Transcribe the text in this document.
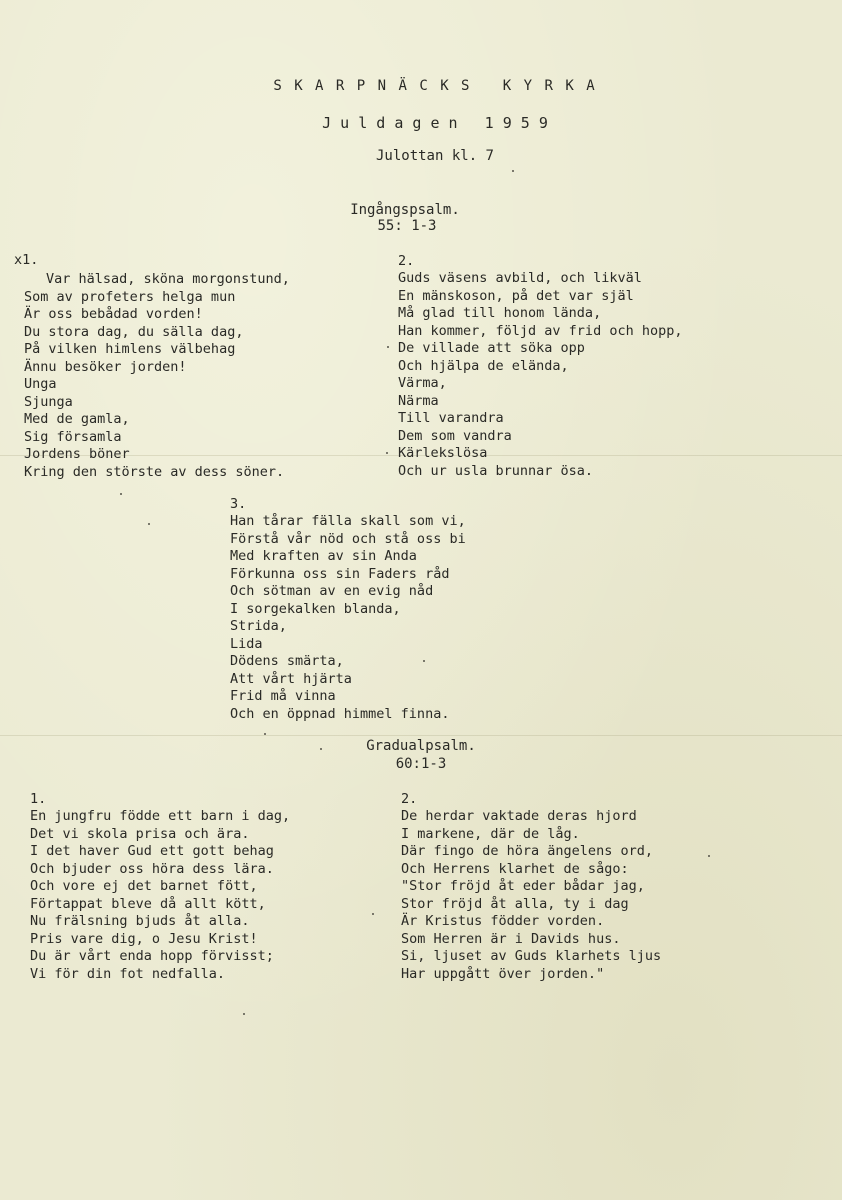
S K A R P N Ä C K S   K Y R K A
J u l d a g e n   1 9 5 9
Julottan kl. 7
Ingångspsalm.
55: 1-3
x1.
Var hälsad, sköna morgonstund,
Som av profeters helga mun
Är oss bebådad vorden!
Du stora dag, du sälla dag,
På vilken himlens välbehag
Ännu besöker jorden!
Unga
Sjunga
Med de gamla,
Sig församla
Jordens böner
Kring den störste av dess söner.
2.
Guds väsens avbild, och likväl
En mänskoson, på det var själ
Må glad till honom lända,
Han kommer, följd av frid och hopp,
De villade att söka opp
Och hjälpa de elända,
Värma,
Närma
Till varandra
Dem som vandra
Kärlekslösa
Och ur usla brunnar ösa.
3.
Han tårar fälla skall som vi,
Förstå vår nöd och stå oss bi
Med kraften av sin Anda
Förkunna oss sin Faders råd
Och sötman av en evig nåd
I sorgekalken blanda,
Strida,
Lida
Dödens smärta,
Att vårt hjärta
Frid må vinna
Och en öppnad himmel finna.
Gradualpsalm.
60:1-3
1.
En jungfru födde ett barn i dag,
Det vi skola prisa och ära.
I det haver Gud ett gott behag
Och bjuder oss höra dess lära.
Och vore ej det barnet fött,
Förtappat bleve då allt kött,
Nu frälsning bjuds åt alla.
Pris vare dig, o Jesu Krist!
Du är vårt enda hopp förvisst;
Vi för din fot nedfalla.
2.
De herdar vaktade deras hjord
I markene, där de låg.
Där fingo de höra ängelens ord,
Och Herrens klarhet de sågo:
"Stor fröjd åt eder bådar jag,
Stor fröjd åt alla, ty i dag
Är Kristus födder vorden.
Som Herren är i Davids hus.
Si, ljuset av Guds klarhets ljus
Har uppgått över jorden."
